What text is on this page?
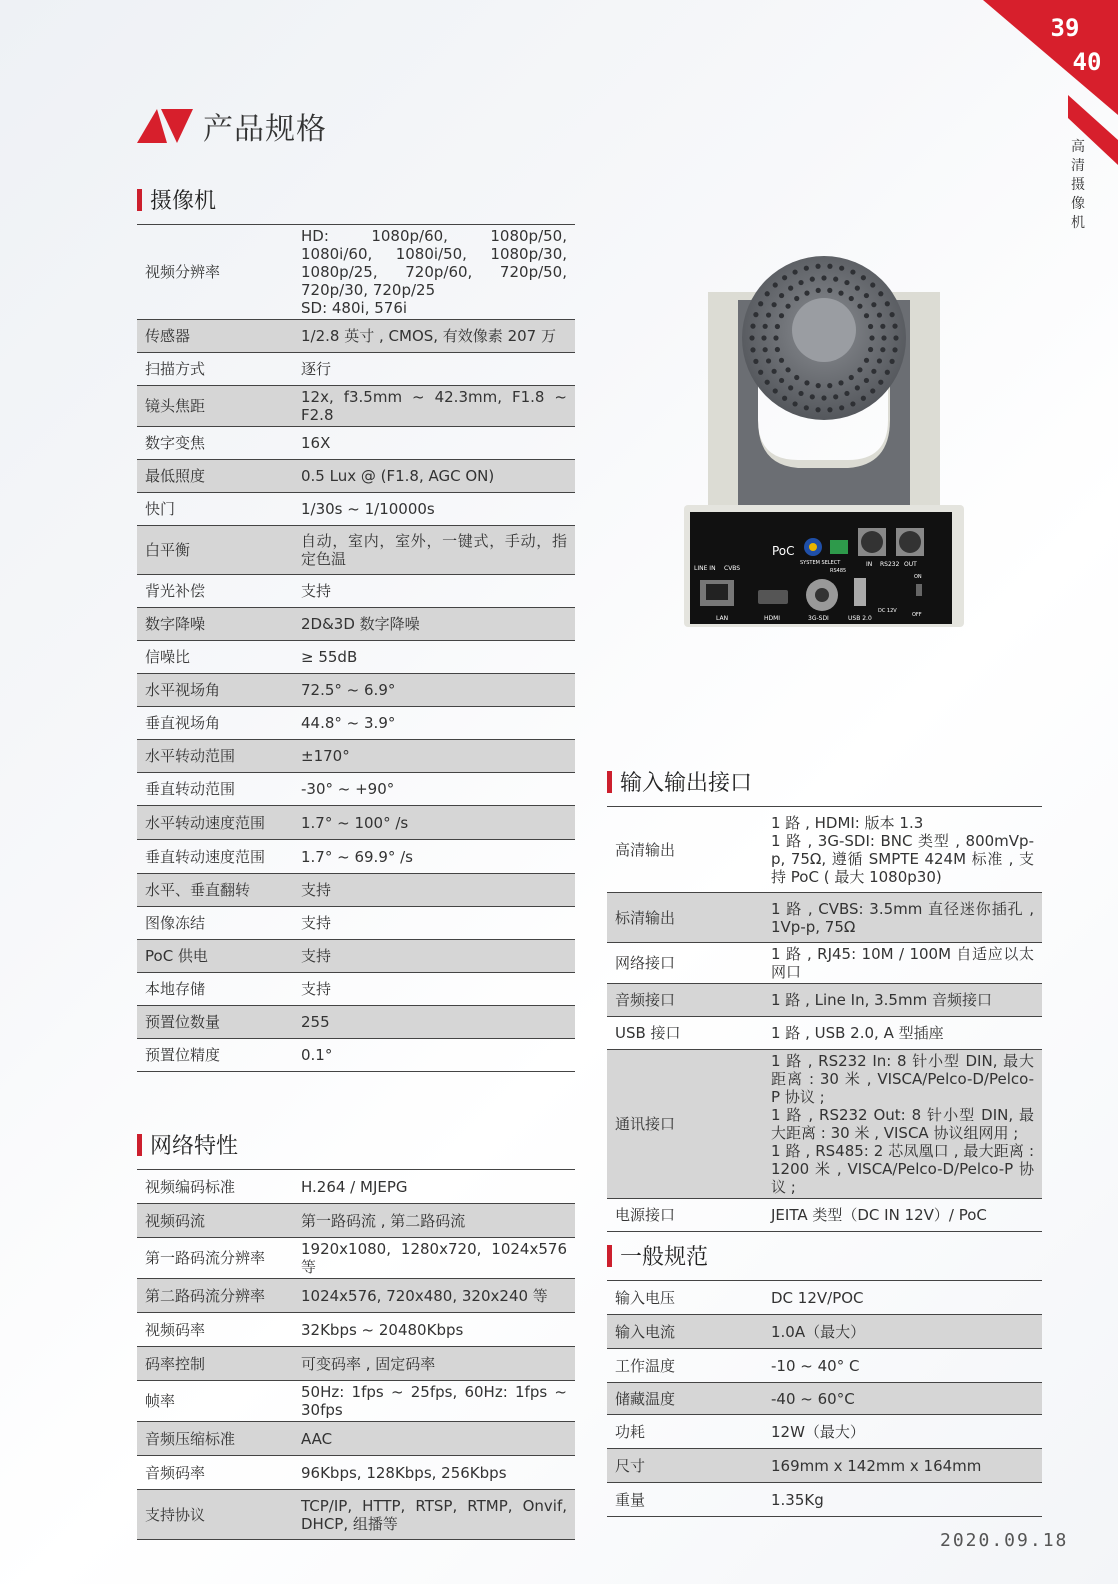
39
40
高清摄像机
产品规格
摄像机
视频分辨率	HD: 1080p/60, 1080p/50, 1080i/60, 1080i/50, 1080p/30, 1080p/25, 720p/60, 720p/50, 720p/30, 720p/25
SD: 480i, 576i
传感器	1/2.8 英寸 , CMOS, 有效像素 207 万
扫描方式	逐行
镜头焦距	12x, f3.5mm ~ 42.3mm, F1.8 ~ F2.8
数字变焦	16X
最低照度	0.5 Lux @ (F1.8, AGC ON)
快门	1/30s ~ 1/10000s
白平衡	自动，室内，室外，一键式，手动，指定色温
背光补偿	支持
数字降噪	2D&3D 数字降噪
信噪比	≥ 55dB
水平视场角	72.5° ~ 6.9°
垂直视场角	44.8° ~ 3.9°
水平转动范围	±170°
垂直转动范围	-30° ~ +90°
水平转动速度范围	1.7° ~ 100° /s
垂直转动速度范围	1.7° ~ 69.9° /s
水平、垂直翻转	支持
图像冻结	支持
PoC 供电	支持
本地存储	支持
预置位数量	255
预置位精度	0.1°
网络特性
视频编码标准	H.264 / MJEPG
视频码流	第一路码流 , 第二路码流
第一路码流分辨率	1920x1080, 1280x720, 1024x576 等
第二路码流分辨率	1024x576, 720x480, 320x240 等
视频码率	32Kbps ~ 20480Kbps
码率控制	可变码率 , 固定码率
帧率	50Hz: 1fps ~ 25fps, 60Hz: 1fps ~ 30fps
音频压缩标准	AAC
音频码率	96Kbps, 128Kbps, 256Kbps
支持协议	TCP/IP, HTTP, RTSP, RTMP, Onvif, DHCP, 组播等
PoC
LINE IN CVBS
LAN	HDMI	3G-SDI	USB 2.0
SYSTEM SELECT
RS485
IN RS232 OUT
ON
OFF
DC 12V
输入输出接口
高清输出	1 路 , HDMI: 版本 1.3
1 路 , 3G-SDI: BNC 类型 , 800mVp-p, 75Ω, 遵循 SMPTE 424M 标准 , 支持 PoC ( 最大 1080p30)
标清输出	1 路 , CVBS: 3.5mm 直径迷你插孔 , 1Vp-p, 75Ω
网络接口	1 路 , RJ45: 10M / 100M 自适应以太网口
音频接口	1 路 , Line In, 3.5mm 音频接口
USB 接口	1 路 , USB 2.0, A 型插座
通讯接口	1 路 , RS232 In: 8 针小型 DIN, 最大距离 : 30 米 , VISCA/Pelco-D/Pelco-P 协议 ;
1 路 , RS232 Out: 8 针小型 DIN, 最大距离 : 30 米 , VISCA 协议组网用 ;
1 路 , RS485: 2 芯凤凰口 , 最大距离 : 1200 米 , VISCA/Pelco-D/Pelco-P 协议 ;
电源接口	JEITA 类型（DC IN 12V）/ PoC
一般规范
输入电压	DC 12V/POC
输入电流	1.0A（最大）
工作温度	-10 ~ 40° C
储藏温度	-40 ~ 60°C
功耗	12W（最大）
尺寸	169mm x 142mm x 164mm
重量	1.35Kg
2020.09.18
